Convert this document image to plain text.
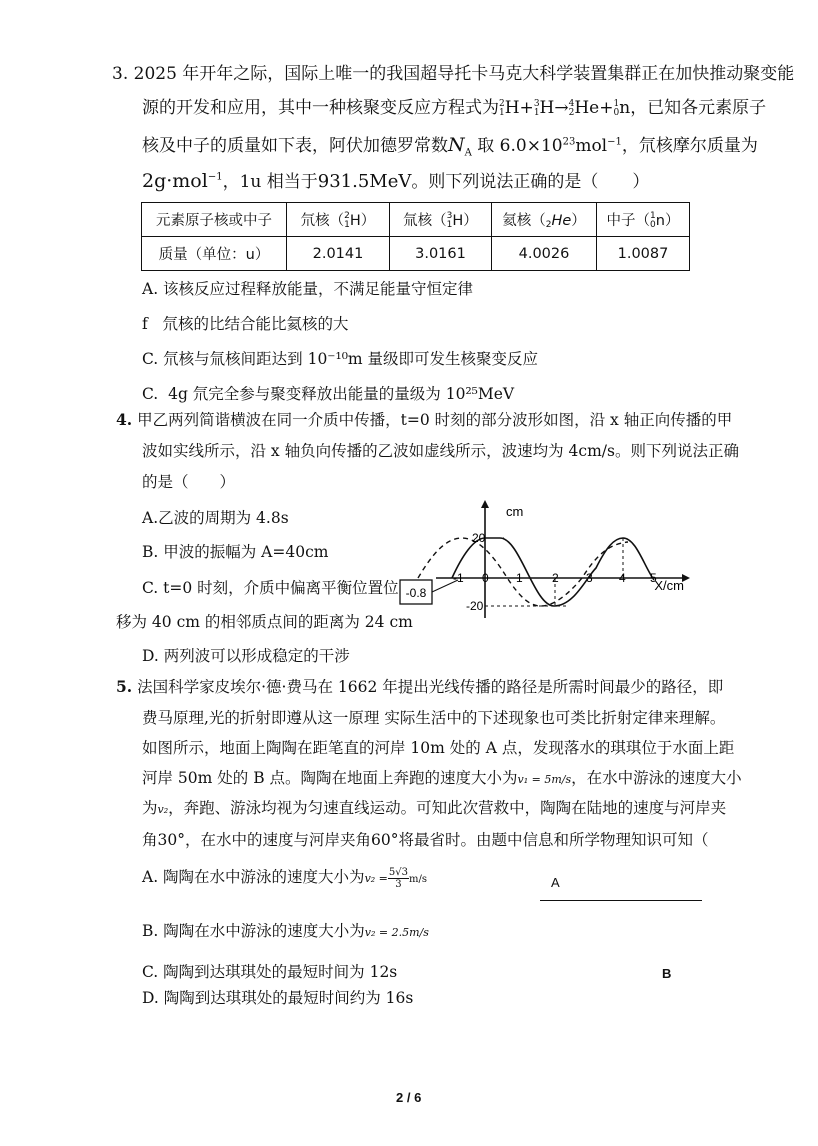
3. 2025 年开年之际，国际上唯一的我国超导托卡马克大科学装置集群正在加快推动聚变能
源的开发和应用，其中一种核聚变反应方程式为 2
1 H+ 3
1 H→ 4
2 He+ 1
0 n，已知各元素原子
核及中子的质量如下表，阿伏加德罗常数$N_A$ 取 $6.0\times 10^{23}mol^{-1}$，氘核摩尔质量为
2g·mol$^{-1}$，1u 相当于931.5MeV。则下列说法正确的是（　　）
元素原子核或中子	氘核（ 2
1 H）	氚核（ 3
1 H）	氦核（
2 He）	中子（ 1
0 n）
质量（单位：u）	2.0141	3.0161	4.0026	1.0087
A. 该核反应过程释放能量，不满足能量守恒定律
f 氘核的比结合能比氦核的大
C. 氘核与氚核间距达到 10⁻¹⁰m 量级即可发生核聚变反应
C. 4g 氘完全参与聚变释放出能量的量级为 10²⁵MeV
4. 甲乙两列简谐横波在同一介质中传播，t=0 时刻的部分波形如图，沿 x 轴正向传播的甲
波如实线所示，沿 x 轴负向传播的乙波如虚线所示，波速均为 4cm/s。则下列说法正确
的是（　　）
A.乙波的周期为 4.8s
B. 甲波的振幅为 A=40cm
C. t=0 时刻，介质中偏离平衡位置位
移为 40 cm 的相邻质点间的距离为 24 cm
D. 两列波可以形成稳定的干涉
cm
X/cm
20
-20
-1 0 1 2 3 4 5
-0.8
5. 法国科学家皮埃尔·德·费马在 1662 年提出光线传播的路径是所需时间最少的路径，即
费马原理,光的折射即遵从这一原理 实际生活中的下述现象也可类比折射定律来理解。
如图所示，地面上陶陶在距笔直的河岸 10m 处的 A 点，发现落水的琪琪位于水面上距
河岸 50m 处的 B 点。陶陶在地面上奔跑的速度大小为v₁ = 5m/s，在水中游泳的速度大小
为v₂，奔跑、游泳均视为匀速直线运动。可知此次营救中，陶陶在陆地的速度与河岸夹
角30°，在水中的速度与河岸夹角60°将最省时。由题中信息和所学物理知识可知（
A. 陶陶在水中游泳的速度大小为$v_2 = \frac{5√3}{3} m/s$
B. 陶陶在水中游泳的速度大小为v₂ = 2.5m/s
C. 陶陶到达琪琪处的最短时间为 12s
D. 陶陶到达琪琪处的最短时间约为 16s
A
B
2 / 6
